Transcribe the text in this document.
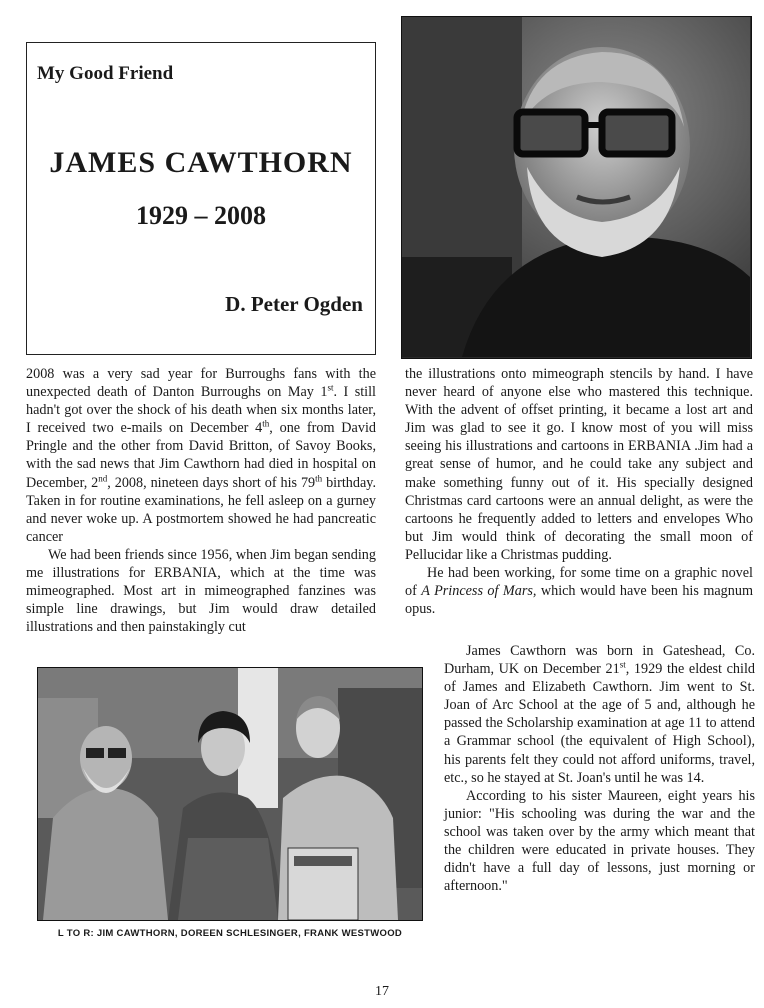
My Good Friend
JAMES CAWTHORN
1929 – 2008
D. Peter Ogden

2008 was a very sad year for Burroughs fans with the unexpected death of Danton Burroughs on May 1st. I still hadn't got over the shock of his death when six months later, I received two e-mails on December 4th, one from David Pringle and the other from David Britton, of Savoy Books, with the sad news that Jim Cawthorn had died in hospital on December, 2nd, 2008, nineteen days short of his 79th birthday. Taken in for routine examinations, he fell asleep on a gurney and never woke up. A postmortem showed he had pancreatic cancer

We had been friends since 1956, when Jim began sending me illustrations for ERBANIA, which at the time was mimeographed. Most art in mimeographed fanzines was simple line drawings, but Jim would draw detailed illustrations and then painstakingly cut

the illustrations onto mimeograph stencils by hand. I have never heard of anyone else who mastered this technique. With the advent of offset printing, it became a lost art and Jim was glad to see it go. I know most of you will miss seeing his illustrations and cartoons in ERBANIA .Jim had a great sense of humor, and he could take any subject and make something funny out of it. His specially designed Christmas card cartoons were an annual delight, as were the cartoons he frequently added to letters and envelopes Who but Jim would think of decorating the small moon of Pellucidar like a Christmas pudding.

He had been working, for some time on a graphic novel of A Princess of Mars, which would have been his magnum opus.

L TO R: JIM CAWTHORN, DOREEN SCHLESINGER, FRANK WESTWOOD

James Cawthorn was born in Gateshead, Co. Durham, UK on December 21st, 1929 the eldest child of James and Elizabeth Cawthorn. Jim went to St. Joan of Arc School at the age of 5 and, although he passed the Scholarship examination at age 11 to attend a Grammar school (the equivalent of High School), his parents felt they could not afford uniforms, travel, etc., so he stayed at St. Joan's until he was 14.

According to his sister Maureen, eight years his junior: "His schooling was during the war and the school was taken over by the army which meant that the children were educated in private houses. They didn't have a full day of lessons, just morning or afternoon."

17
